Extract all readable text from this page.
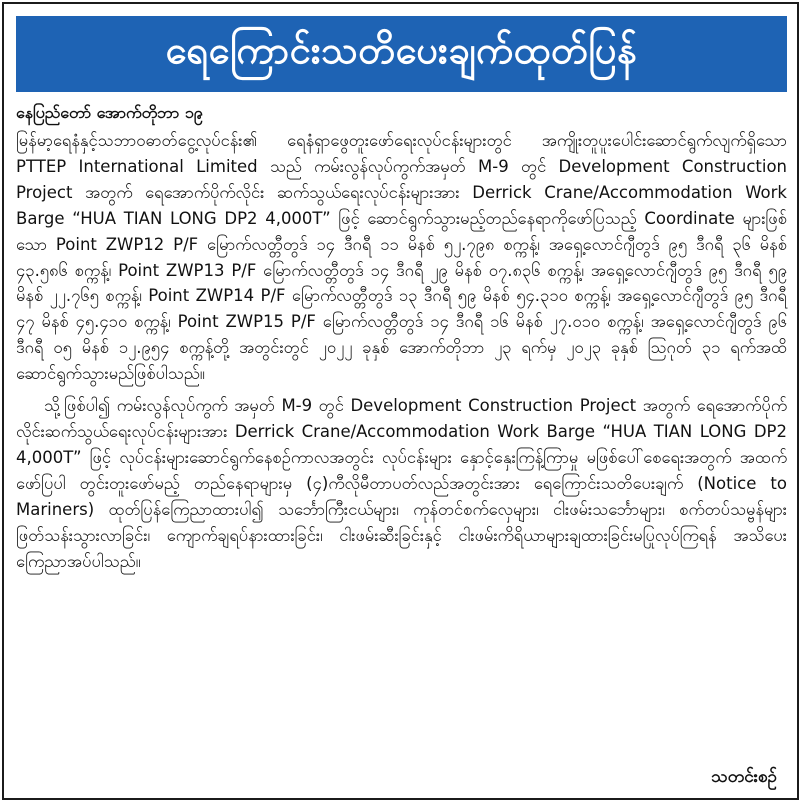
ရေကြောင်းသတိပေးချက်ထုတ်ပြန်
နေပြည်တော် အောက်တိုဘာ ၁၉

မြန်မာ့ရေနံနှင့်သဘာဝဓာတ်ငွေ့လုပ်ငန်း၏ ရေနံရှာဖွေတူးဖော်ရေးလုပ်ငန်းများတွင် အကျိုးတူပူးပေါင်းဆောင်ရွက်လျက်ရှိသော PTTEP International Limited သည် ကမ်းလွန်လုပ်ကွက်အမှတ် M-9 တွင် Development Construction Project အတွက် ရေအောက်ပိုက်လိုင်း ဆက်သွယ်ရေးလုပ်ငန်းများအား Derrick Crane/Accommodation Work Barge “HUA TIAN LONG DP2 4,000T” ဖြင့် ဆောင်ရွက်သွားမည့်တည်နေရာကိုဖော်ပြသည့် Coordinate များဖြစ်သော Point ZWP12 P/F မြောက်လတ္တီတွဒ် ၁၄ ဒီဂရီ ၁၁ မိနစ် ၅၂.၇၉၈ စက္ကန့်၊ အရှေ့လောင်ဂျီတွဒ် ၉၅ ဒီဂရီ ၃၆ မိနစ် ၄၃.၅၈၆ စက္ကန့်၊ Point ZWP13 P/F မြောက်လတ္တီတွဒ် ၁၄ ဒီဂရီ ၂၉ မိနစ် ၀၇.၈၃၆ စက္ကန့်၊ အရှေ့လောင်ဂျီတွဒ် ၉၅ ဒီဂရီ ၅၉ မိနစ် ၂၂.၇၆၅ စက္ကန့်၊ Point ZWP14 P/F မြောက်လတ္တီတွဒ် ၁၃ ဒီဂရီ ၅၉ မိနစ် ၅၄.၃၁၀ စက္ကန့်၊ အရှေ့လောင်ဂျီတွဒ် ၉၅ ဒီဂရီ ၄၇ မိနစ် ၄၅.၄၁၀ စက္ကန့်၊ Point ZWP15 P/F မြောက်လတ္တီတွဒ် ၁၄ ဒီဂရီ ၁၆ မိနစ် ၂၇.၀၁၀ စက္ကန့်၊ အရှေ့လောင်ဂျီတွဒ် ၉၆ ဒီဂရီ ၀၅ မိနစ် ၁၂.၉၅၄ စက္ကန့်တို့ အတွင်းတွင် ၂၀၂၂ ခုနှစ် အောက်တိုဘာ ၂၃ ရက်မှ ၂၀၂၃ ခုနှစ် ဩဂုတ် ၃၁ ရက်အထိ ဆောင်ရွက်သွားမည်ဖြစ်ပါသည်။

သို့ဖြစ်ပါ၍ ကမ်းလွန်လုပ်ကွက် အမှတ် M-9 တွင် Development Construction Project အတွက် ရေအောက်ပိုက်လိုင်းဆက်သွယ်ရေးလုပ်ငန်းများအား Derrick Crane/Accommodation Work Barge “HUA TIAN LONG DP2 4,000T” ဖြင့် လုပ်ငန်းများဆောင်ရွက်နေစဉ်ကာလအတွင်း လုပ်ငန်းများ နှောင့်နှေးကြန့်ကြာမှု မဖြစ်ပေါ်စေရေးအတွက် အထက်ဖော်ပြပါ တွင်းတူးဖော်မည့် တည်နေရာများမှ (၄)ကီလိုမီတာပတ်လည်အတွင်းအား ရေကြောင်းသတိပေးချက် (Notice to Mariners) ထုတ်ပြန်ကြေညာထားပါ၍ သင်္ဘောကြီးငယ်များ၊ ကုန်တင်စက်လှေများ၊ ငါးဖမ်းသင်္ဘောများ၊ စက်တပ်သမ္ဗန်များ ဖြတ်သန်းသွားလာခြင်း၊ ကျောက်ချရပ်နားထားခြင်း၊ ငါးဖမ်းဆီးခြင်းနှင့် ငါးဖမ်းကိရိယာများချထားခြင်းမပြုလုပ်ကြရန် အသိပေးကြေညာအပ်ပါသည်။

သတင်းစဉ်
